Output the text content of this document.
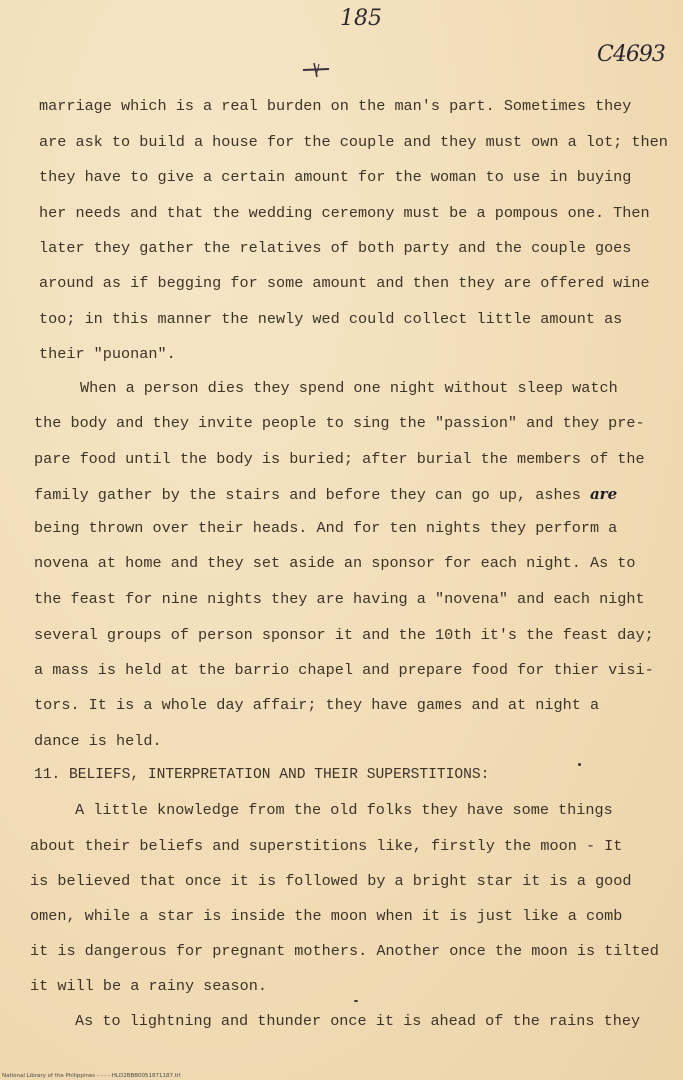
185
C4693
marriage which is a real burden on the man's part. Sometimes they
are ask to build a house for the couple and they must own a lot; then
they have to give a certain amount for the woman to use in buying
her needs and that the wedding ceremony must be a pompous one. Then
later they gather the relatives of both party and the couple goes
around as if begging for some amount and then they are offered wine
too; in this manner the newly wed could collect little amount as
their "puonan".
When a person dies they spend one night without sleep watch
the body and they invite people to sing the "passion" and they pre-
pare food until the body is buried; after burial the members of the
family gather by the stairs and before they can go up, ashes are
being thrown over their heads. And for ten nights they perform a
novena at home and they set aside an sponsor for each night. As to
the feast for nine nights they are having a "novena" and each night
several groups of person sponsor it and the 10th it's the feast day;
a mass is held at the barrio chapel and prepare food for thier visi-
tors. It is a whole day affair; they have games and at night a
dance is held.
11. BELIEFS, INTERPRETATION AND THEIR SUPERSTITIONS:
A little knowledge from the old folks they have some things
about their beliefs and superstitions like, firstly the moon - It
is believed that once it is followed by a bright star it is a good
omen, while a star is inside the moon when it is just like a comb
it is dangerous for pregnant mothers. Another once the moon is tilted
it will be a rainy season.
As to lightning and thunder once it is ahead of the rains they
National Library of the Philippines - - - - HLD2BBB0051871187.tif
